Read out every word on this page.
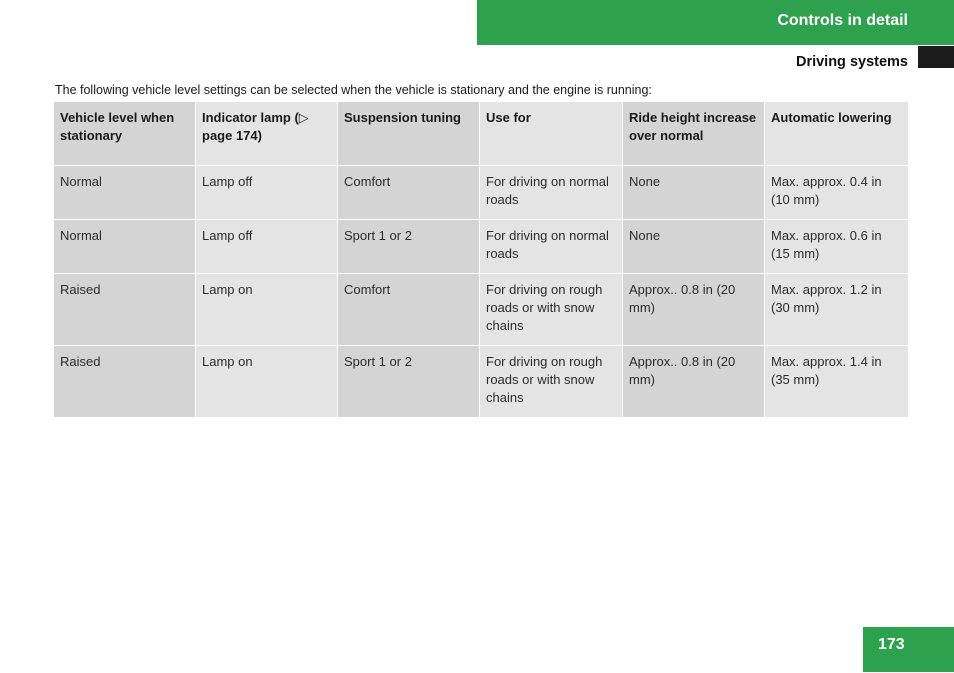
Controls in detail
Driving systems
The following vehicle level settings can be selected when the vehicle is stationary and the engine is running:
Vehicle level when stationary	Indicator lamp (▷ page 174)	Suspension tuning	Use for	Ride height increase over normal	Automatic lowering
Normal	Lamp off	Comfort	For driving on normal roads	None	Max. approx. 0.4 in (10 mm)
Normal	Lamp off	Sport 1 or 2	For driving on normal roads	None	Max. approx. 0.6 in (15 mm)
Raised	Lamp on	Comfort	For driving on rough roads or with snow chains	Approx.. 0.8 in (20 mm)	Max. approx. 1.2 in (30 mm)
Raised	Lamp on	Sport 1 or 2	For driving on rough roads or with snow chains	Approx.. 0.8 in (20 mm)	Max. approx. 1.4 in (35 mm)
173
